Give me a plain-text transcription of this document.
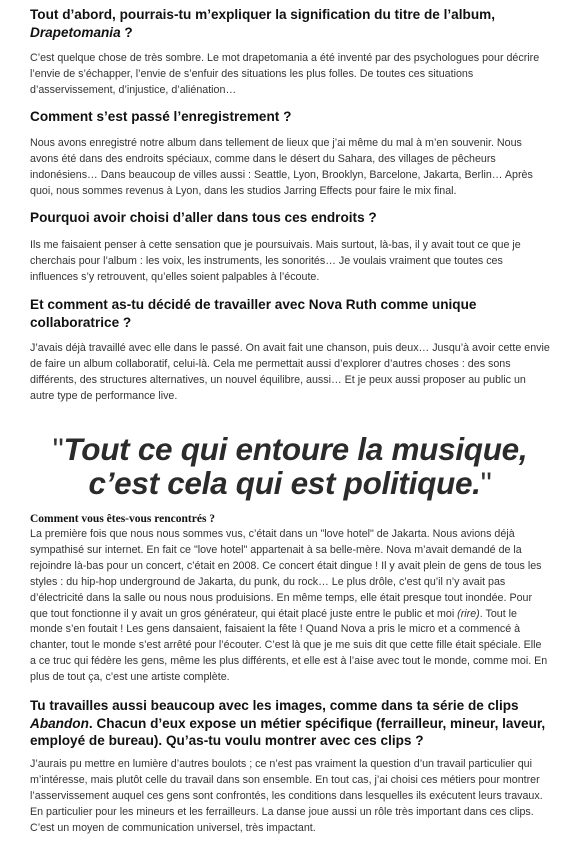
Tout d’abord, pourrais-tu m’expliquer la signification du titre de l’album, Drapetomania ?

C’est quelque chose de très sombre. Le mot drapetomania a été inventé par des psychologues pour décrire l’envie de s’échapper, l’envie de s’enfuir des situations les plus folles. De toutes ces situations d’asservissement, d’injustice, d’aliénation…

Comment s’est passé l’enregistrement ?

Nous avons enregistré notre album dans tellement de lieux que j’ai même du mal à m’en souvenir. Nous avons été dans des endroits spéciaux, comme dans le désert du Sahara, des villages de pêcheurs indonésiens… Dans beaucoup de villes aussi : Seattle, Lyon, Brooklyn, Barcelone, Jakarta, Berlin… Après quoi, nous sommes revenus à Lyon, dans les studios Jarring Effects pour faire le mix final.

Pourquoi avoir choisi d’aller dans tous ces endroits ?

Ils me faisaient penser à cette sensation que je poursuivais. Mais surtout, là-bas, il y avait tout ce que je cherchais pour l’album : les voix, les instruments, les sonorités… Je voulais vraiment que toutes ces influences s’y retrouvent, qu’elles soient palpables à l’écoute.

Et comment as-tu décidé de travailler avec Nova Ruth comme unique collaboratrice ?

J’avais déjà travaillé avec elle dans le passé. On avait fait une chanson, puis deux… Jusqu’à avoir cette envie de faire un album collaboratif, celui-là. Cela me permettait aussi d’explorer d’autres choses : des sons différents, des structures alternatives, un nouvel équilibre, aussi… Et je peux aussi proposer au public un autre type de performance live.

"Tout ce qui entoure la musique,
c’est cela qui est politique."
Comment vous êtes-vous rencontrés ?

La première fois que nous nous sommes vus, c’était dans un "love hotel" de Jakarta. Nous avions déjà sympathisé sur internet. En fait ce "love hotel" appartenait à sa belle-mère. Nova m’avait demandé de la rejoindre là-bas pour un concert, c’était en 2008. Ce concert était dingue ! Il y avait plein de gens de tous les styles : du hip-hop underground de Jakarta, du punk, du rock… Le plus drôle, c’est qu’il n’y avait pas d’électricité dans la salle ou nous nous produisions. En même temps, elle était presque tout inondée. Pour que tout fonctionne il y avait un gros générateur, qui était placé juste entre le public et moi (rire). Tout le monde s’en foutait ! Les gens dansaient, faisaient la fête ! Quand Nova a pris le micro et a commencé à chanter, tout le monde s’est arrêté pour l’écouter. C’est là que je me suis dit que cette fille était spéciale. Elle a ce truc qui fédère les gens, même les plus différents, et elle est à l’aise avec tout le monde, comme moi. En plus de tout ça, c’est une artiste complète.

Tu travailles aussi beaucoup avec les images, comme dans ta série de clips Abandon. Chacun d’eux expose un métier spécifique (ferrailleur, mineur, laveur, employé de bureau). Qu’as-tu voulu montrer avec ces clips ?

J’aurais pu mettre en lumière d’autres boulots ; ce n’est pas vraiment la question d’un travail particulier qui m’intéresse, mais plutôt celle du travail dans son ensemble. En tout cas, j’ai choisi ces métiers pour montrer l’asservissement auquel ces gens sont confrontés, les conditions dans lesquelles ils exécutent leurs travaux. En particulier pour les mineurs et les ferrailleurs. La danse joue aussi un rôle très important dans ces clips. C’est un moyen de communication universel, très impactant.
